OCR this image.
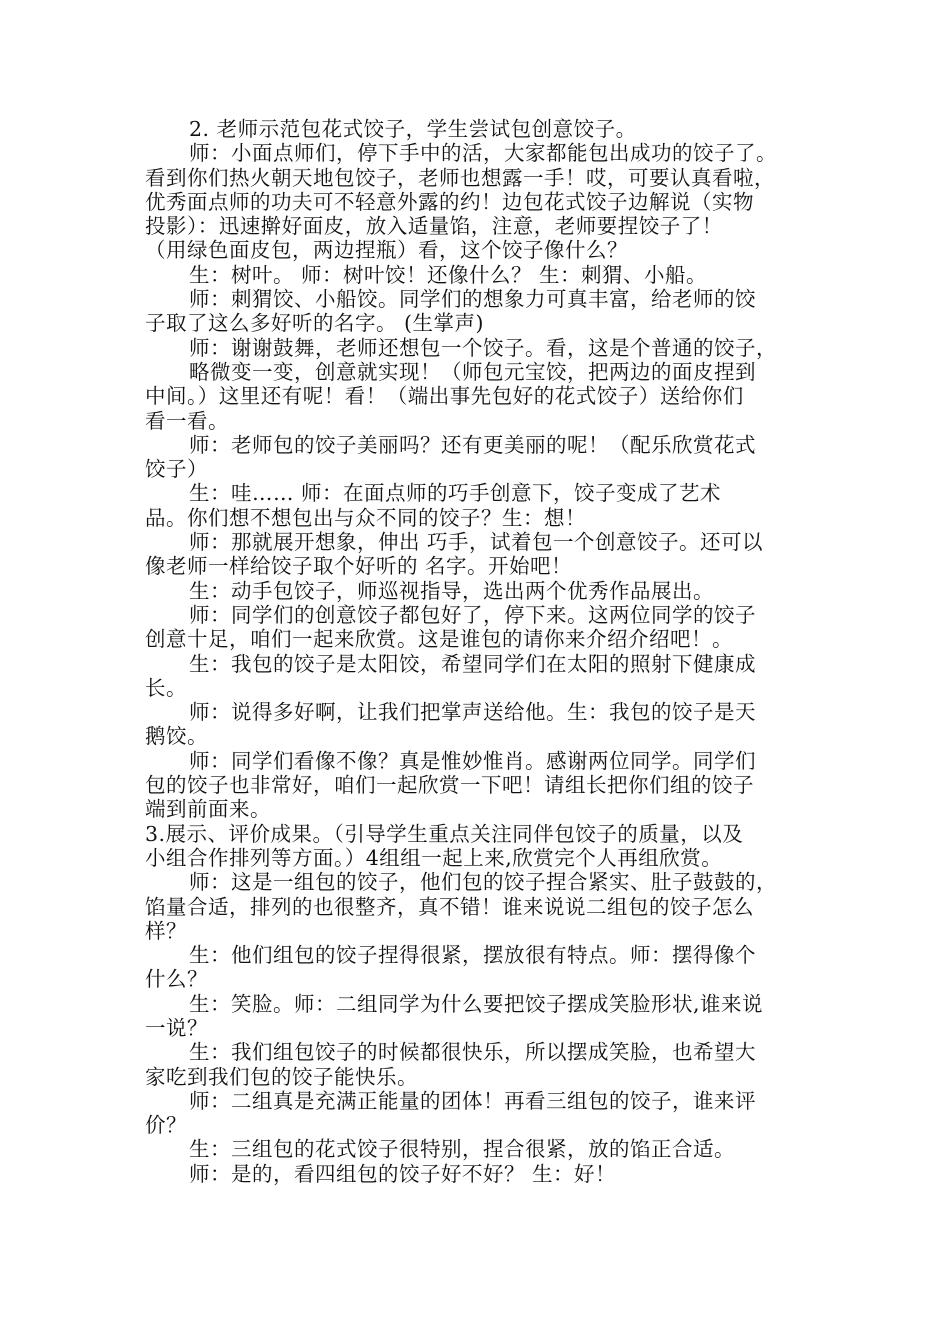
2. 老师示范包花式饺子，学生尝试包创意饺子。
师：小面点师们，停下手中的活，大家都能包出成功的饺子了。
看到你们热火朝天地包饺子，老师也想露一手！哎，可要认真看啦，
优秀面点师的功夫可不轻意外露的约！边包花式饺子边解说（实物
投影）：迅速擀好面皮，放入适量馅，注意，老师要捏饺子了！
（用绿色面皮包，两边捏瓶）看，这个饺子像什么？
生：树叶。 师：树叶饺！还像什么？ 生：刺猬、小船。
师：刺猬饺、小船饺。同学们的想象力可真丰富，给老师的饺
子取了这么多好听的名字。 (生掌声)
师：谢谢鼓舞，老师还想包一个饺子。看，这是个普通的饺子，
略微变一变，创意就实现！（师包元宝饺，把两边的面皮捏到
中间。）这里还有呢！看！（端出事先包好的花式饺子）送给你们
看一看。
师：老师包的饺子美丽吗？还有更美丽的呢！（配乐欣赏花式
饺子）
生：哇…… 师：在面点师的巧手创意下，饺子变成了艺术
品。你们想不想包出与众不同的饺子？生：想！
师：那就展开想象，伸出 巧手，试着包一个创意饺子。还可以
像老师一样给饺子取个好听的 名字。开始吧！
生：动手包饺子，师巡视指导，选出两个优秀作品展出。
师：同学们的创意饺子都包好了，停下来。这两位同学的饺子
创意十足，咱们一起来欣赏。这是谁包的请你来介绍介绍吧！。
生：我包的饺子是太阳饺，希望同学们在太阳的照射下健康成
长。
师：说得多好啊，让我们把掌声送给他。生：我包的饺子是天
鹅饺。
师：同学们看像不像？真是惟妙惟肖。感谢两位同学。同学们
包的饺子也非常好，咱们一起欣赏一下吧！请组长把你们组的饺子
端到前面来。
3.展示、评价成果。（引导学生重点关注同伴包饺子的质量，以及
小组合作排列等方面。）4组组一起上来,欣赏完个人再组欣赏。
师：这是一组包的饺子，他们包的饺子捏合紧实、肚子鼓鼓的，
馅量合适，排列的也很整齐，真不错！谁来说说二组包的饺子怎么
样？
生：他们组包的饺子捏得很紧，摆放很有特点。师：摆得像个
什么？
生：笑脸。师：二组同学为什么要把饺子摆成笑脸形状,谁来说
一说？
生：我们组包饺子的时候都很快乐，所以摆成笑脸，也希望大
家吃到我们包的饺子能快乐。
师：二组真是充满正能量的团体！再看三组包的饺子，谁来评
价？
生：三组包的花式饺子很特别，捏合很紧，放的馅正合适。
师：是的，看四组包的饺子好不好？ 生：好！
